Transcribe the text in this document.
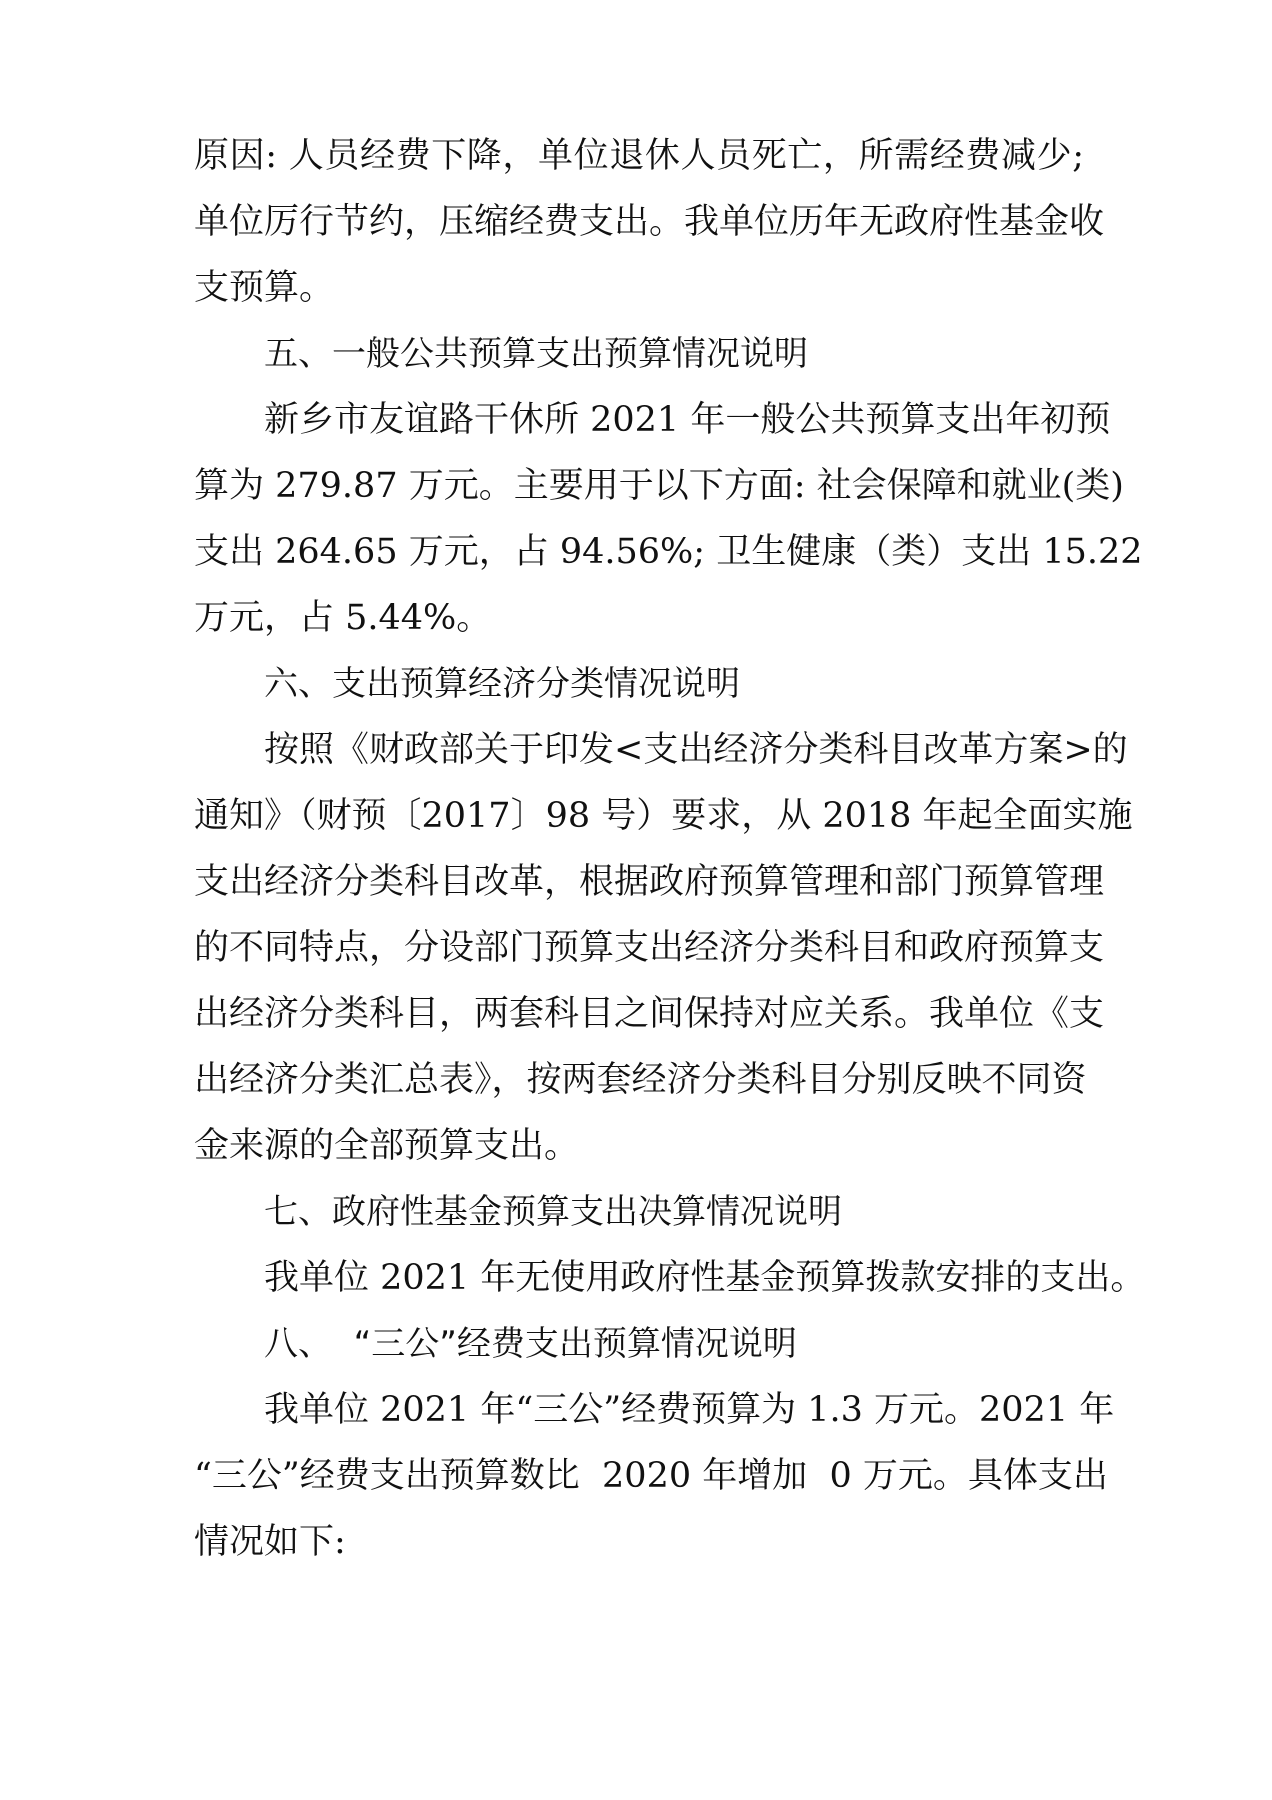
原因: 人员经费下降，单位退休人员死亡，所需经费减少;
单位厉行节约，压缩经费支出。我单位历年无政府性基金收
支预算。
五、一般公共预算支出预算情况说明
新乡市友谊路干休所 2021 年一般公共预算支出年初预
算为 279.87 万元。主要用于以下方面: 社会保障和就业(类)
支出 264.65 万元，占 94.56%; 卫生健康（类）支出 15.22
万元，占 5.44%。
六、支出预算经济分类情况说明
按照《财政部关于印发<支出经济分类科目改革方案>的
通知》（财预〔2017〕98 号）要求，从 2018 年起全面实施
支出经济分类科目改革，根据政府预算管理和部门预算管理
的不同特点，分设部门预算支出经济分类科目和政府预算支
出经济分类科目，两套科目之间保持对应关系。我单位《支
出经济分类汇总表》，按两套经济分类科目分别反映不同资
金来源的全部预算支出。
七、政府性基金预算支出决算情况说明
我单位 2021 年无使用政府性基金预算拨款安排的支出。
八、  “三公”经费支出预算情况说明
我单位 2021 年“三公”经费预算为 1.3 万元。2021 年
“三公”经费支出预算数比  2020 年增加  0 万元。具体支出
情况如下:
